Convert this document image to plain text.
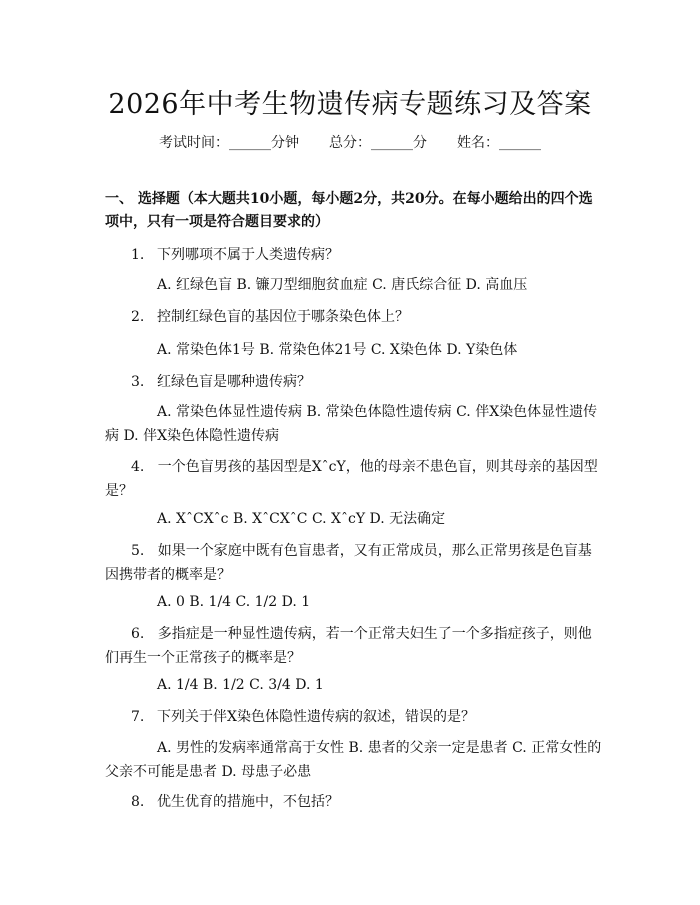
2026年中考生物遗传病专题练习及答案
考试时间：______分钟 总分：______分 姓名：______
一、 选择题（本大题共10小题，每小题2分，共20分。在每小题给出的四个选项中，只有一项是符合题目要求的）
1. 下列哪项不属于人类遗传病？
A. 红绿色盲 B. 镰刀型细胞贫血症 C. 唐氏综合征 D. 高血压
2. 控制红绿色盲的基因位于哪条染色体上？
A. 常染色体1号 B. 常染色体21号 C. X染色体 D. Y染色体
3. 红绿色盲是哪种遗传病？
A. 常染色体显性遗传病 B. 常染色体隐性遗传病 C. 伴X染色体显性遗传病 D. 伴X染色体隐性遗传病
4. 一个色盲男孩的基因型是XˆcY，他的母亲不患色盲，则其母亲的基因型是？
A. XˆCXˆc B. XˆCXˆC C. XˆcY D. 无法确定
5. 如果一个家庭中既有色盲患者，又有正常成员，那么正常男孩是色盲基因携带者的概率是？
A. 0 B. 1/4 C. 1/2 D. 1
6. 多指症是一种显性遗传病，若一个正常夫妇生了一个多指症孩子，则他们再生一个正常孩子的概率是？
A. 1/4 B. 1/2 C. 3/4 D. 1
7. 下列关于伴X染色体隐性遗传病的叙述，错误的是？
A. 男性的发病率通常高于女性 B. 患者的父亲一定是患者 C. 正常女性的父亲不可能是患者 D. 母患子必患
8. 优生优育的措施中，不包括？
